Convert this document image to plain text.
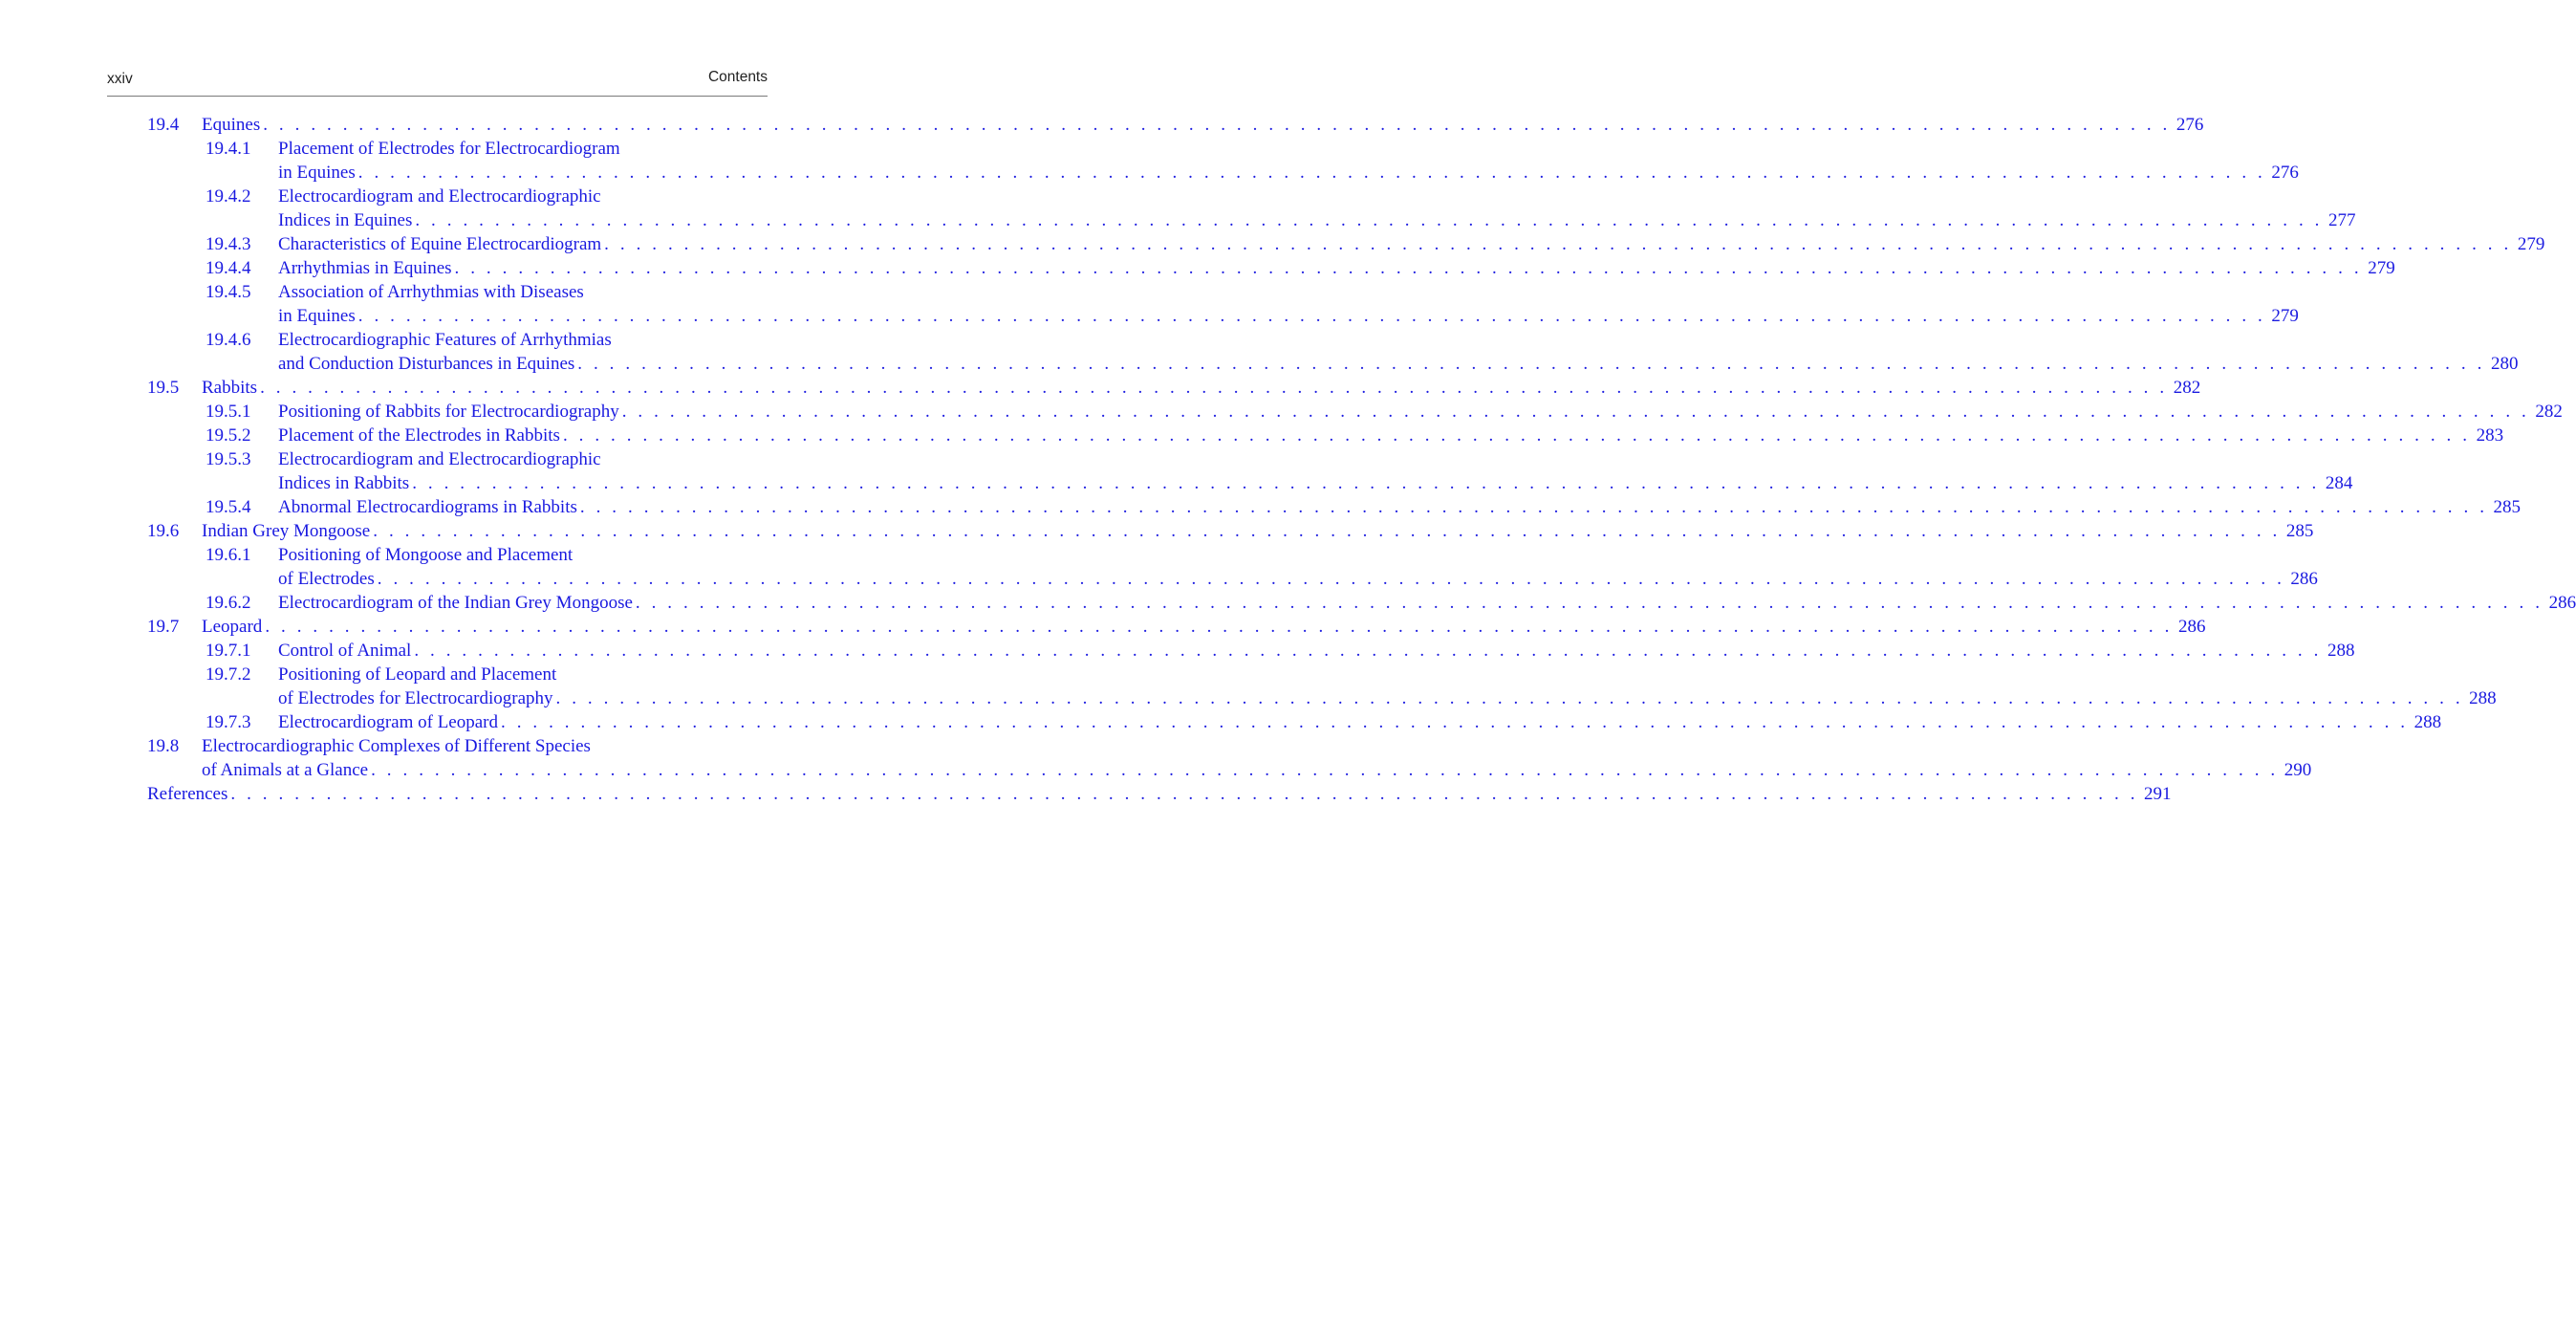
xxiv	Contents
19.4 Equines . . . . . . . . . . . . . . . . . . . . . . . . . . . . . . . . . . . . . . . . . . . . . . . . . . . . . . . . . . . . . . . . . . . . . . . . . . . . . . . . . . . . . . . . . . . . . . . . . . . . . . . . . . . . . . . . . . . . . . . . 276
19.4.1 Placement of Electrodes for Electrocardiogram
in Equines . . . . . . . . . . . . . . . . . . . . . . . . . . . . . . . . . . . . . . . . . . . . . . . . . . . . . . . . . . . . . . . . . . . . . . . . . . . . . . . . . . . . . . . . . . . . . . . . . . . . . . . . . . . . . . . . . . . . . . . . 276
19.4.2 Electrocardiogram and Electrocardiographic
Indices in Equines . . . . . . . . . . . . . . . . . . . . . . . . . . . . . . . . . . . . . . . . . . . . . . . . . . . . . . . . . . . . . . . . . . . . . . . . . . . . . . . . . . . . . . . . . . . . . . . . . . . . . . . . . . . . . . . . . . . . . . . . 277
19.4.3 Characteristics of Equine Electrocardiogram . . . . . . . . . . . . . . . . . . . . . . . . . . . . . . . . . . . . . . . . . . . . . . . . . . . . . . . . . . . . . . . . . . . . . . . . . . . . . . . . . . . . . . . . . . . . . . . . . . . . . . . . . . . . . . . . . . . . . . . . 279
19.4.4 Arrhythmias in Equines . . . . . . . . . . . . . . . . . . . . . . . . . . . . . . . . . . . . . . . . . . . . . . . . . . . . . . . . . . . . . . . . . . . . . . . . . . . . . . . . . . . . . . . . . . . . . . . . . . . . . . . . . . . . . . . . . . . . . . . . 279
19.4.5 Association of Arrhythmias with Diseases
in Equines . . . . . . . . . . . . . . . . . . . . . . . . . . . . . . . . . . . . . . . . . . . . . . . . . . . . . . . . . . . . . . . . . . . . . . . . . . . . . . . . . . . . . . . . . . . . . . . . . . . . . . . . . . . . . . . . . . . . . . . . 279
19.4.6 Electrocardiographic Features of Arrhythmias
and Conduction Disturbances in Equines . . . . . . . . . . . . . . . . . . . . . . . . . . . . . . . . . . . . . . . . . . . . . . . . . . . . . . . . . . . . . . . . . . . . . . . . . . . . . . . . . . . . . . . . . . . . . . . . . . . . . . . . . . . . . . . . . . . . . . . . 280
19.5 Rabbits . . . . . . . . . . . . . . . . . . . . . . . . . . . . . . . . . . . . . . . . . . . . . . . . . . . . . . . . . . . . . . . . . . . . . . . . . . . . . . . . . . . . . . . . . . . . . . . . . . . . . . . . . . . . . . . . . . . . . . . . 282
19.5.1 Positioning of Rabbits for Electrocardiography . . . . . . . . . . . . . . . . . . . . . . . . . . . . . . . . . . . . . . . . . . . . . . . . . . . . . . . . . . . . . . . . . . . . . . . . . . . . . . . . . . . . . . . . . . . . . . . . . . . . . . . . . . . . . . . . . . . . . . . . 282
19.5.2 Placement of the Electrodes in Rabbits . . . . . . . . . . . . . . . . . . . . . . . . . . . . . . . . . . . . . . . . . . . . . . . . . . . . . . . . . . . . . . . . . . . . . . . . . . . . . . . . . . . . . . . . . . . . . . . . . . . . . . . . . . . . . . . . . . . . . . . . 283
19.5.3 Electrocardiogram and Electrocardiographic
Indices in Rabbits . . . . . . . . . . . . . . . . . . . . . . . . . . . . . . . . . . . . . . . . . . . . . . . . . . . . . . . . . . . . . . . . . . . . . . . . . . . . . . . . . . . . . . . . . . . . . . . . . . . . . . . . . . . . . . . . . . . . . . . . 284
19.5.4 Abnormal Electrocardiograms in Rabbits . . . . . . . . . . . . . . . . . . . . . . . . . . . . . . . . . . . . . . . . . . . . . . . . . . . . . . . . . . . . . . . . . . . . . . . . . . . . . . . . . . . . . . . . . . . . . . . . . . . . . . . . . . . . . . . . . . . . . . . . 285
19.6 Indian Grey Mongoose . . . . . . . . . . . . . . . . . . . . . . . . . . . . . . . . . . . . . . . . . . . . . . . . . . . . . . . . . . . . . . . . . . . . . . . . . . . . . . . . . . . . . . . . . . . . . . . . . . . . . . . . . . . . . . . . . . . . . . . . 285
19.6.1 Positioning of Mongoose and Placement
of Electrodes . . . . . . . . . . . . . . . . . . . . . . . . . . . . . . . . . . . . . . . . . . . . . . . . . . . . . . . . . . . . . . . . . . . . . . . . . . . . . . . . . . . . . . . . . . . . . . . . . . . . . . . . . . . . . . . . . . . . . . . . 286
19.6.2 Electrocardiogram of the Indian Grey Mongoose . . . . . . . . . . . . . . . . . . . . . . . . . . . . . . . . . . . . . . . . . . . . . . . . . . . . . . . . . . . . . . . . . . . . . . . . . . . . . . . . . . . . . . . . . . . . . . . . . . . . . . . . . . . . . . . . . . . . . . . . 286
19.7 Leopard . . . . . . . . . . . . . . . . . . . . . . . . . . . . . . . . . . . . . . . . . . . . . . . . . . . . . . . . . . . . . . . . . . . . . . . . . . . . . . . . . . . . . . . . . . . . . . . . . . . . . . . . . . . . . . . . . . . . . . . . 286
19.7.1 Control of Animal . . . . . . . . . . . . . . . . . . . . . . . . . . . . . . . . . . . . . . . . . . . . . . . . . . . . . . . . . . . . . . . . . . . . . . . . . . . . . . . . . . . . . . . . . . . . . . . . . . . . . . . . . . . . . . . . . . . . . . . . 288
19.7.2 Positioning of Leopard and Placement
of Electrodes for Electrocardiography . . . . . . . . . . . . . . . . . . . . . . . . . . . . . . . . . . . . . . . . . . . . . . . . . . . . . . . . . . . . . . . . . . . . . . . . . . . . . . . . . . . . . . . . . . . . . . . . . . . . . . . . . . . . . . . . . . . . . . . . 288
19.7.3 Electrocardiogram of Leopard . . . . . . . . . . . . . . . . . . . . . . . . . . . . . . . . . . . . . . . . . . . . . . . . . . . . . . . . . . . . . . . . . . . . . . . . . . . . . . . . . . . . . . . . . . . . . . . . . . . . . . . . . . . . . . . . . . . . . . . . 288
19.8 Electrocardiographic Complexes of Different Species
of Animals at a Glance . . . . . . . . . . . . . . . . . . . . . . . . . . . . . . . . . . . . . . . . . . . . . . . . . . . . . . . . . . . . . . . . . . . . . . . . . . . . . . . . . . . . . . . . . . . . . . . . . . . . . . . . . . . . . . . . . . . . . . . . 290
References . . . . . . . . . . . . . . . . . . . . . . . . . . . . . . . . . . . . . . . . . . . . . . . . . . . . . . . . . . . . . . . . . . . . . . . . . . . . . . . . . . . . . . . . . . . . . . . . . . . . . . . . . . . . . . . . . . . . . . . . 291
